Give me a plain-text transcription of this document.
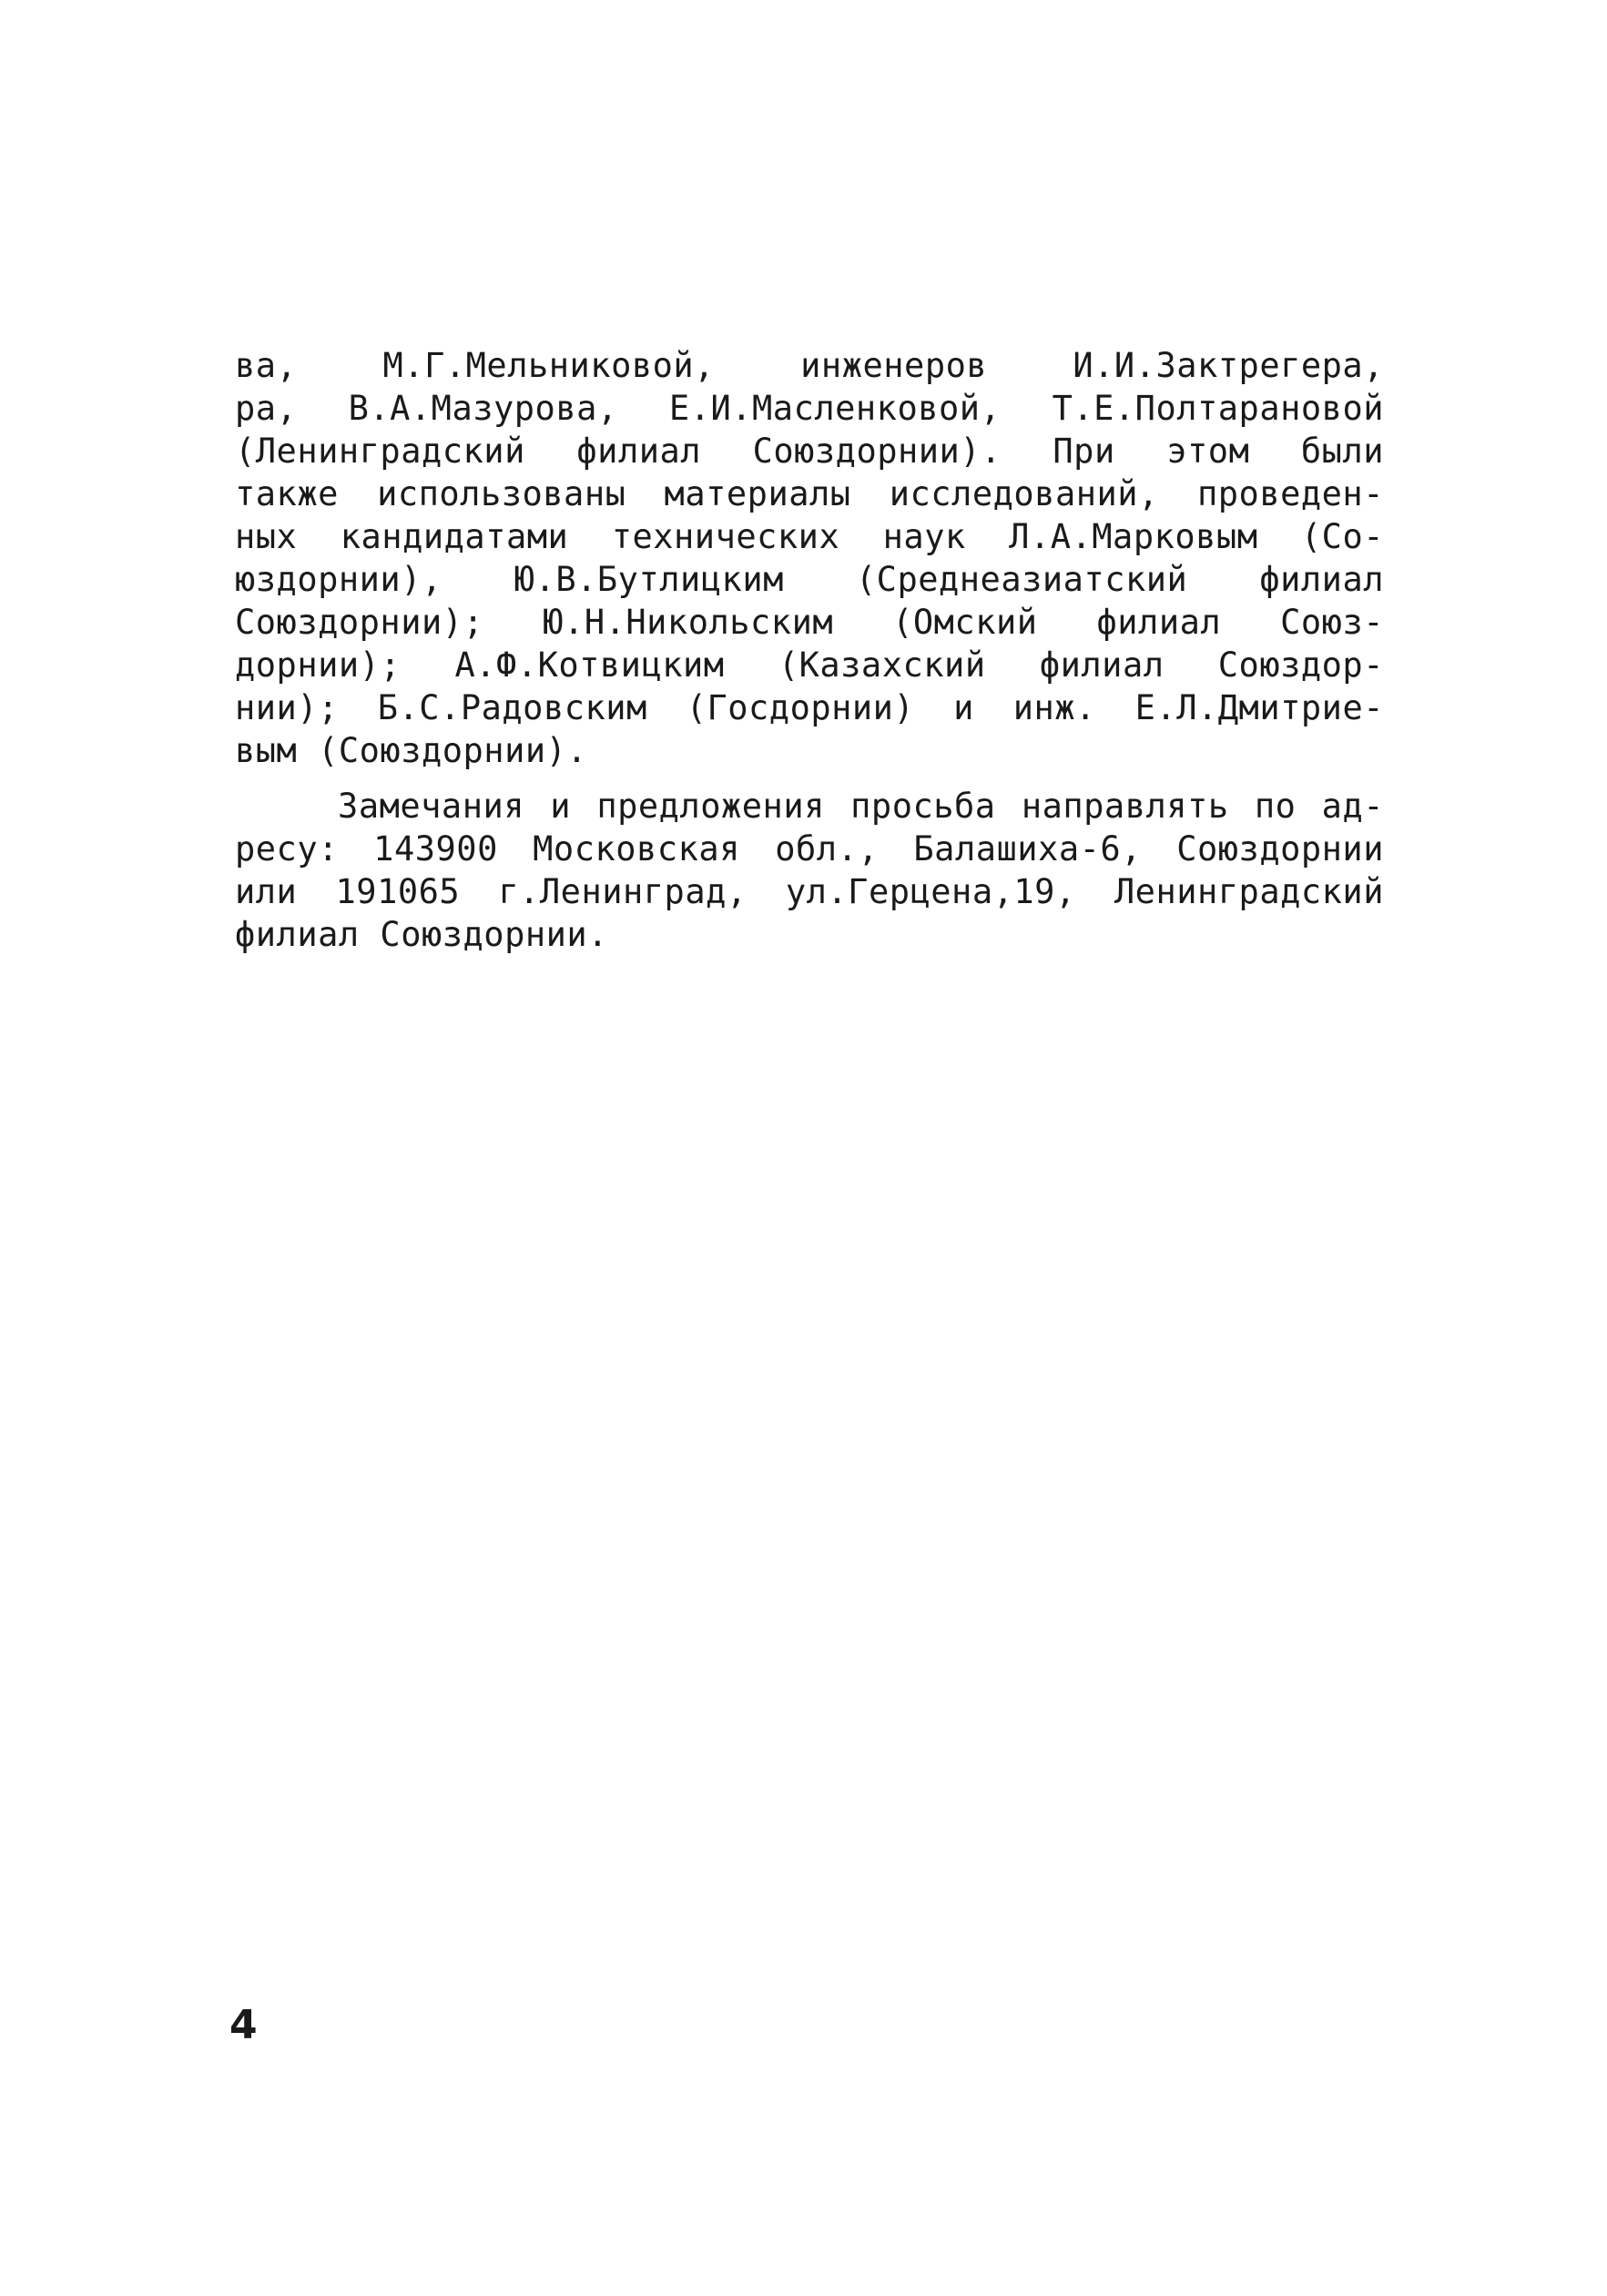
ва, М.Г.Мельниковой, инженеров И.И.Зактрегера,
ра, В.А.Мазурова, Е.И.Масленковой, Т.Е.Полтарановой
(Ленинградский филиал Союздорнии). При этом были
также использованы материалы исследований, проведен-
ных кандидатами технических наук Л.А.Марковым (Со-
юздорнии), Ю.В.Бутлицким (Среднеазиатский филиал
Союздорнии); Ю.Н.Никольским (Омский филиал Союз-
дорнии); А.Ф.Котвицким (Казахский филиал Союздор-
нии); Б.С.Радовским (Госдорнии) и инж. Е.Л.Дмитрие-
вым (Союздорнии).
Замечания и предложения просьба направлять по ад-
ресу: 143900 Московская обл., Балашиха-6, Союздорнии
или 191065 г.Ленинград, ул.Герцена,19, Ленинградский
филиал Союздорнии.
4
